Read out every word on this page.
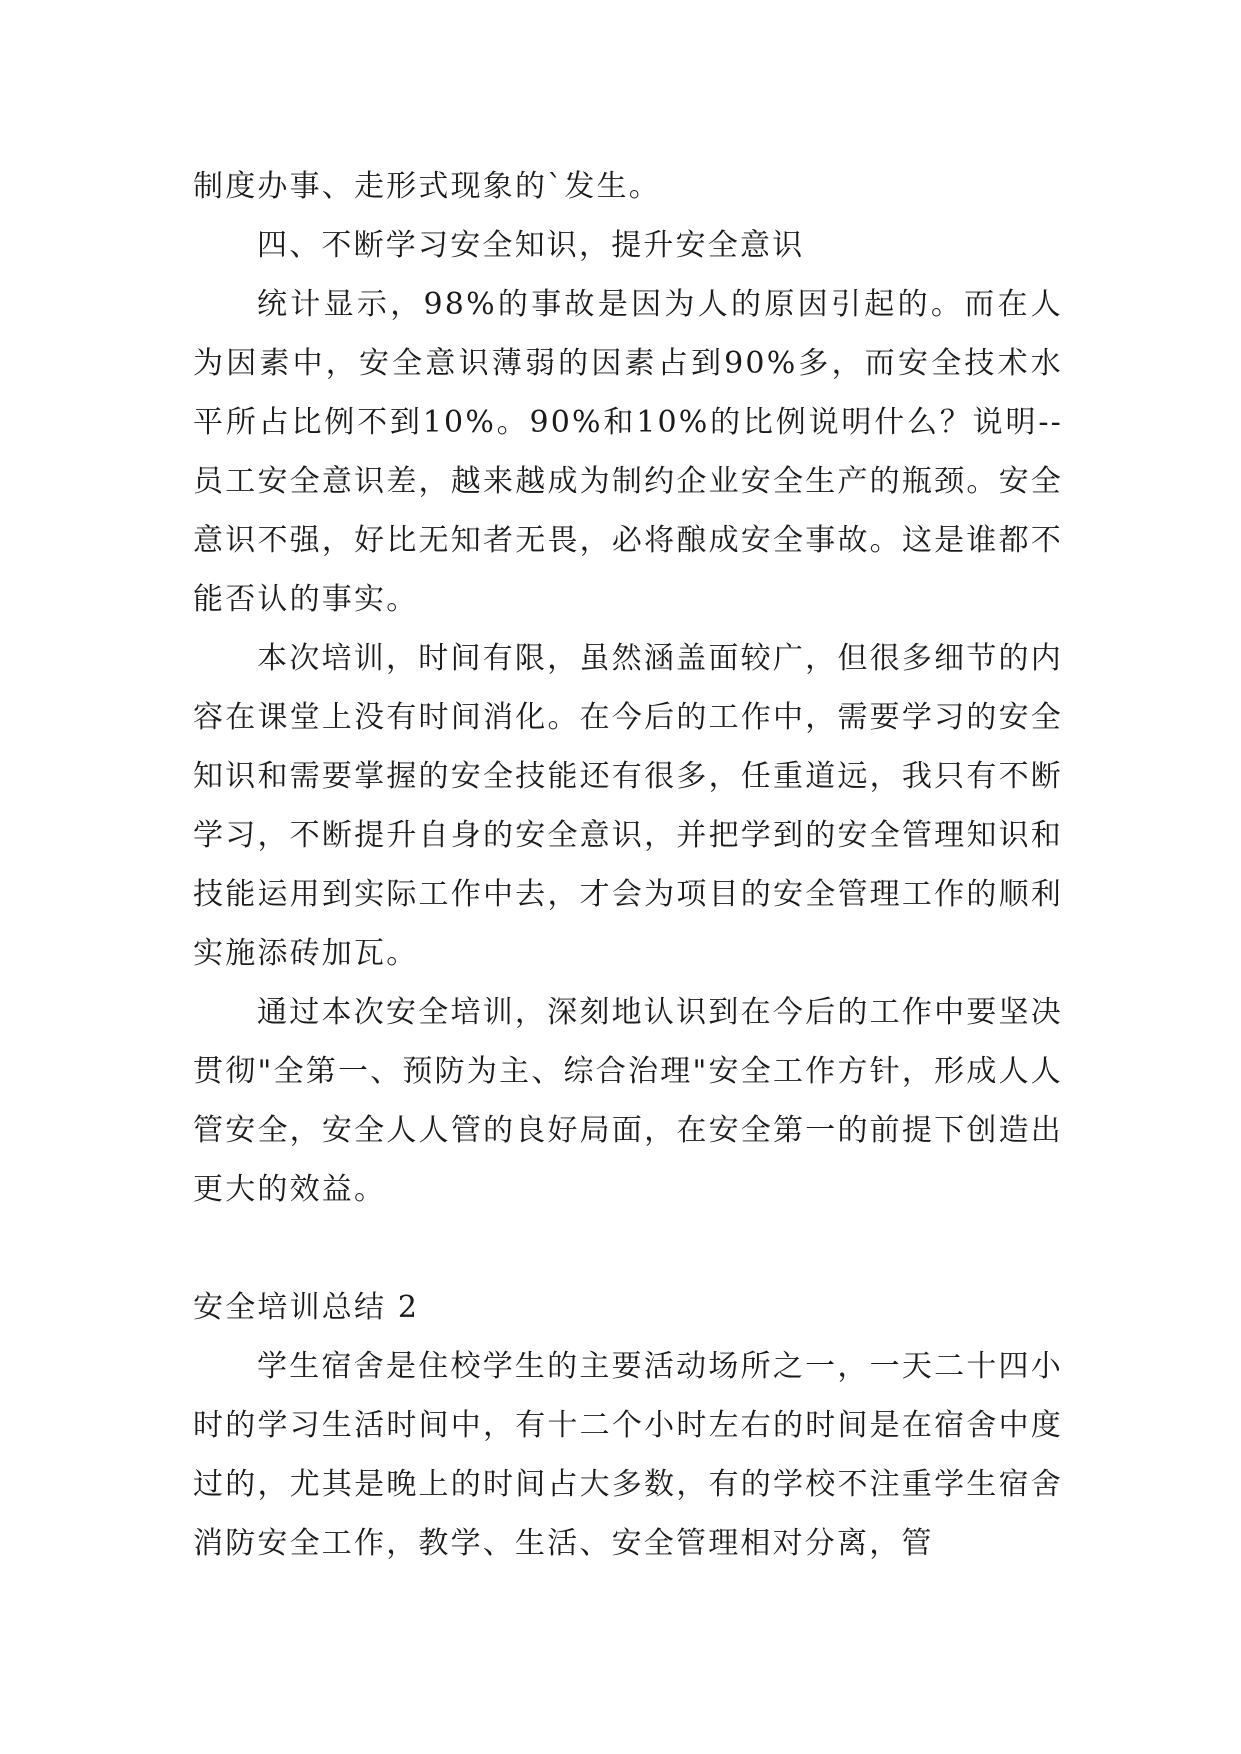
制度办事、走形式现象的`发生。

四、不断学习安全知识，提升安全意识

统计显示，98%的事故是因为人的原因引起的。而在人为因素中，安全意识薄弱的因素占到90%多，而安全技术水平所占比例不到10%。90%和10%的比例说明什么？说明--员工安全意识差，越来越成为制约企业安全生产的瓶颈。安全意识不强，好比无知者无畏，必将酿成安全事故。这是谁都不能否认的事实。

本次培训，时间有限，虽然涵盖面较广，但很多细节的内容在课堂上没有时间消化。在今后的工作中，需要学习的安全知识和需要掌握的安全技能还有很多，任重道远，我只有不断学习，不断提升自身的安全意识，并把学到的安全管理知识和技能运用到实际工作中去，才会为项目的安全管理工作的顺利实施添砖加瓦。

通过本次安全培训，深刻地认识到在今后的工作中要坚决贯彻"全第一、预防为主、综合治理"安全工作方针，形成人人管安全，安全人人管的良好局面，在安全第一的前提下创造出更大的效益。

安全培训总结 2

学生宿舍是住校学生的主要活动场所之一，一天二十四小时的学习生活时间中，有十二个小时左右的时间是在宿舍中度过的，尤其是晚上的时间占大多数，有的学校不注重学生宿舍消防安全工作，教学、生活、安全管理相对分离，管
